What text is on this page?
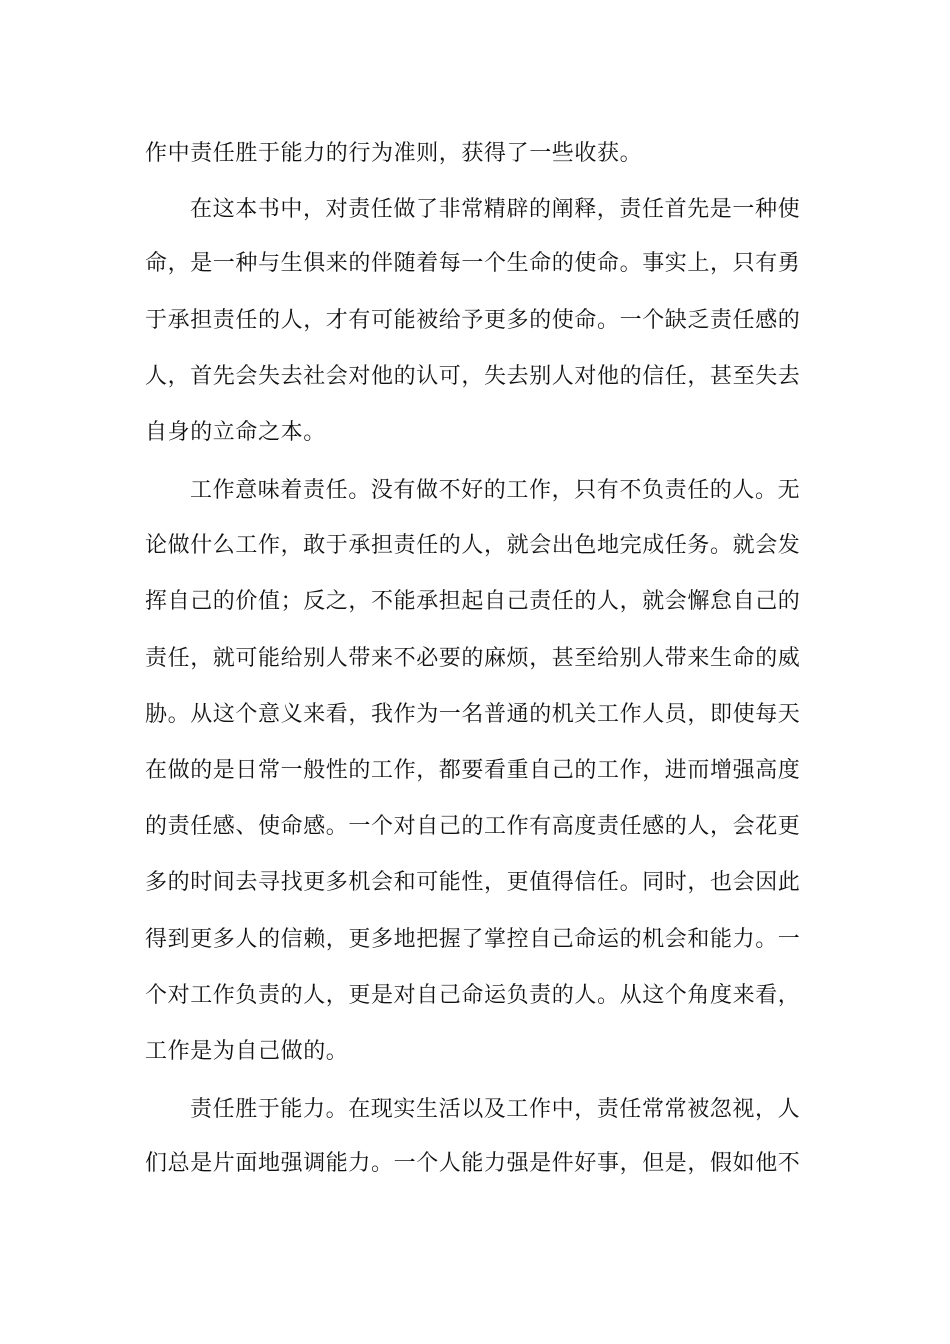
作中责任胜于能力的行为准则，获得了一些收获。
在这本书中，对责任做了非常精辟的阐释，责任首先是一种使
命，是一种与生俱来的伴随着每一个生命的使命。事实上，只有勇
于承担责任的人，才有可能被给予更多的使命。一个缺乏责任感的
人，首先会失去社会对他的认可，失去别人对他的信任，甚至失去
自身的立命之本。
工作意味着责任。没有做不好的工作，只有不负责任的人。无
论做什么工作，敢于承担责任的人，就会出色地完成任务。就会发
挥自己的价值；反之，不能承担起自己责任的人，就会懈怠自己的
责任，就可能给别人带来不必要的麻烦，甚至给别人带来生命的威
胁。从这个意义来看，我作为一名普通的机关工作人员，即使每天
在做的是日常一般性的工作，都要看重自己的工作，进而增强高度
的责任感、使命感。一个对自己的工作有高度责任感的人，会花更
多的时间去寻找更多机会和可能性，更值得信任。同时，也会因此
得到更多人的信赖，更多地把握了掌控自己命运的机会和能力。一
个对工作负责的人，更是对自己命运负责的人。从这个角度来看，
工作是为自己做的。
责任胜于能力。在现实生活以及工作中，责任常常被忽视，人
们总是片面地强调能力。一个人能力强是件好事，但是，假如他不
